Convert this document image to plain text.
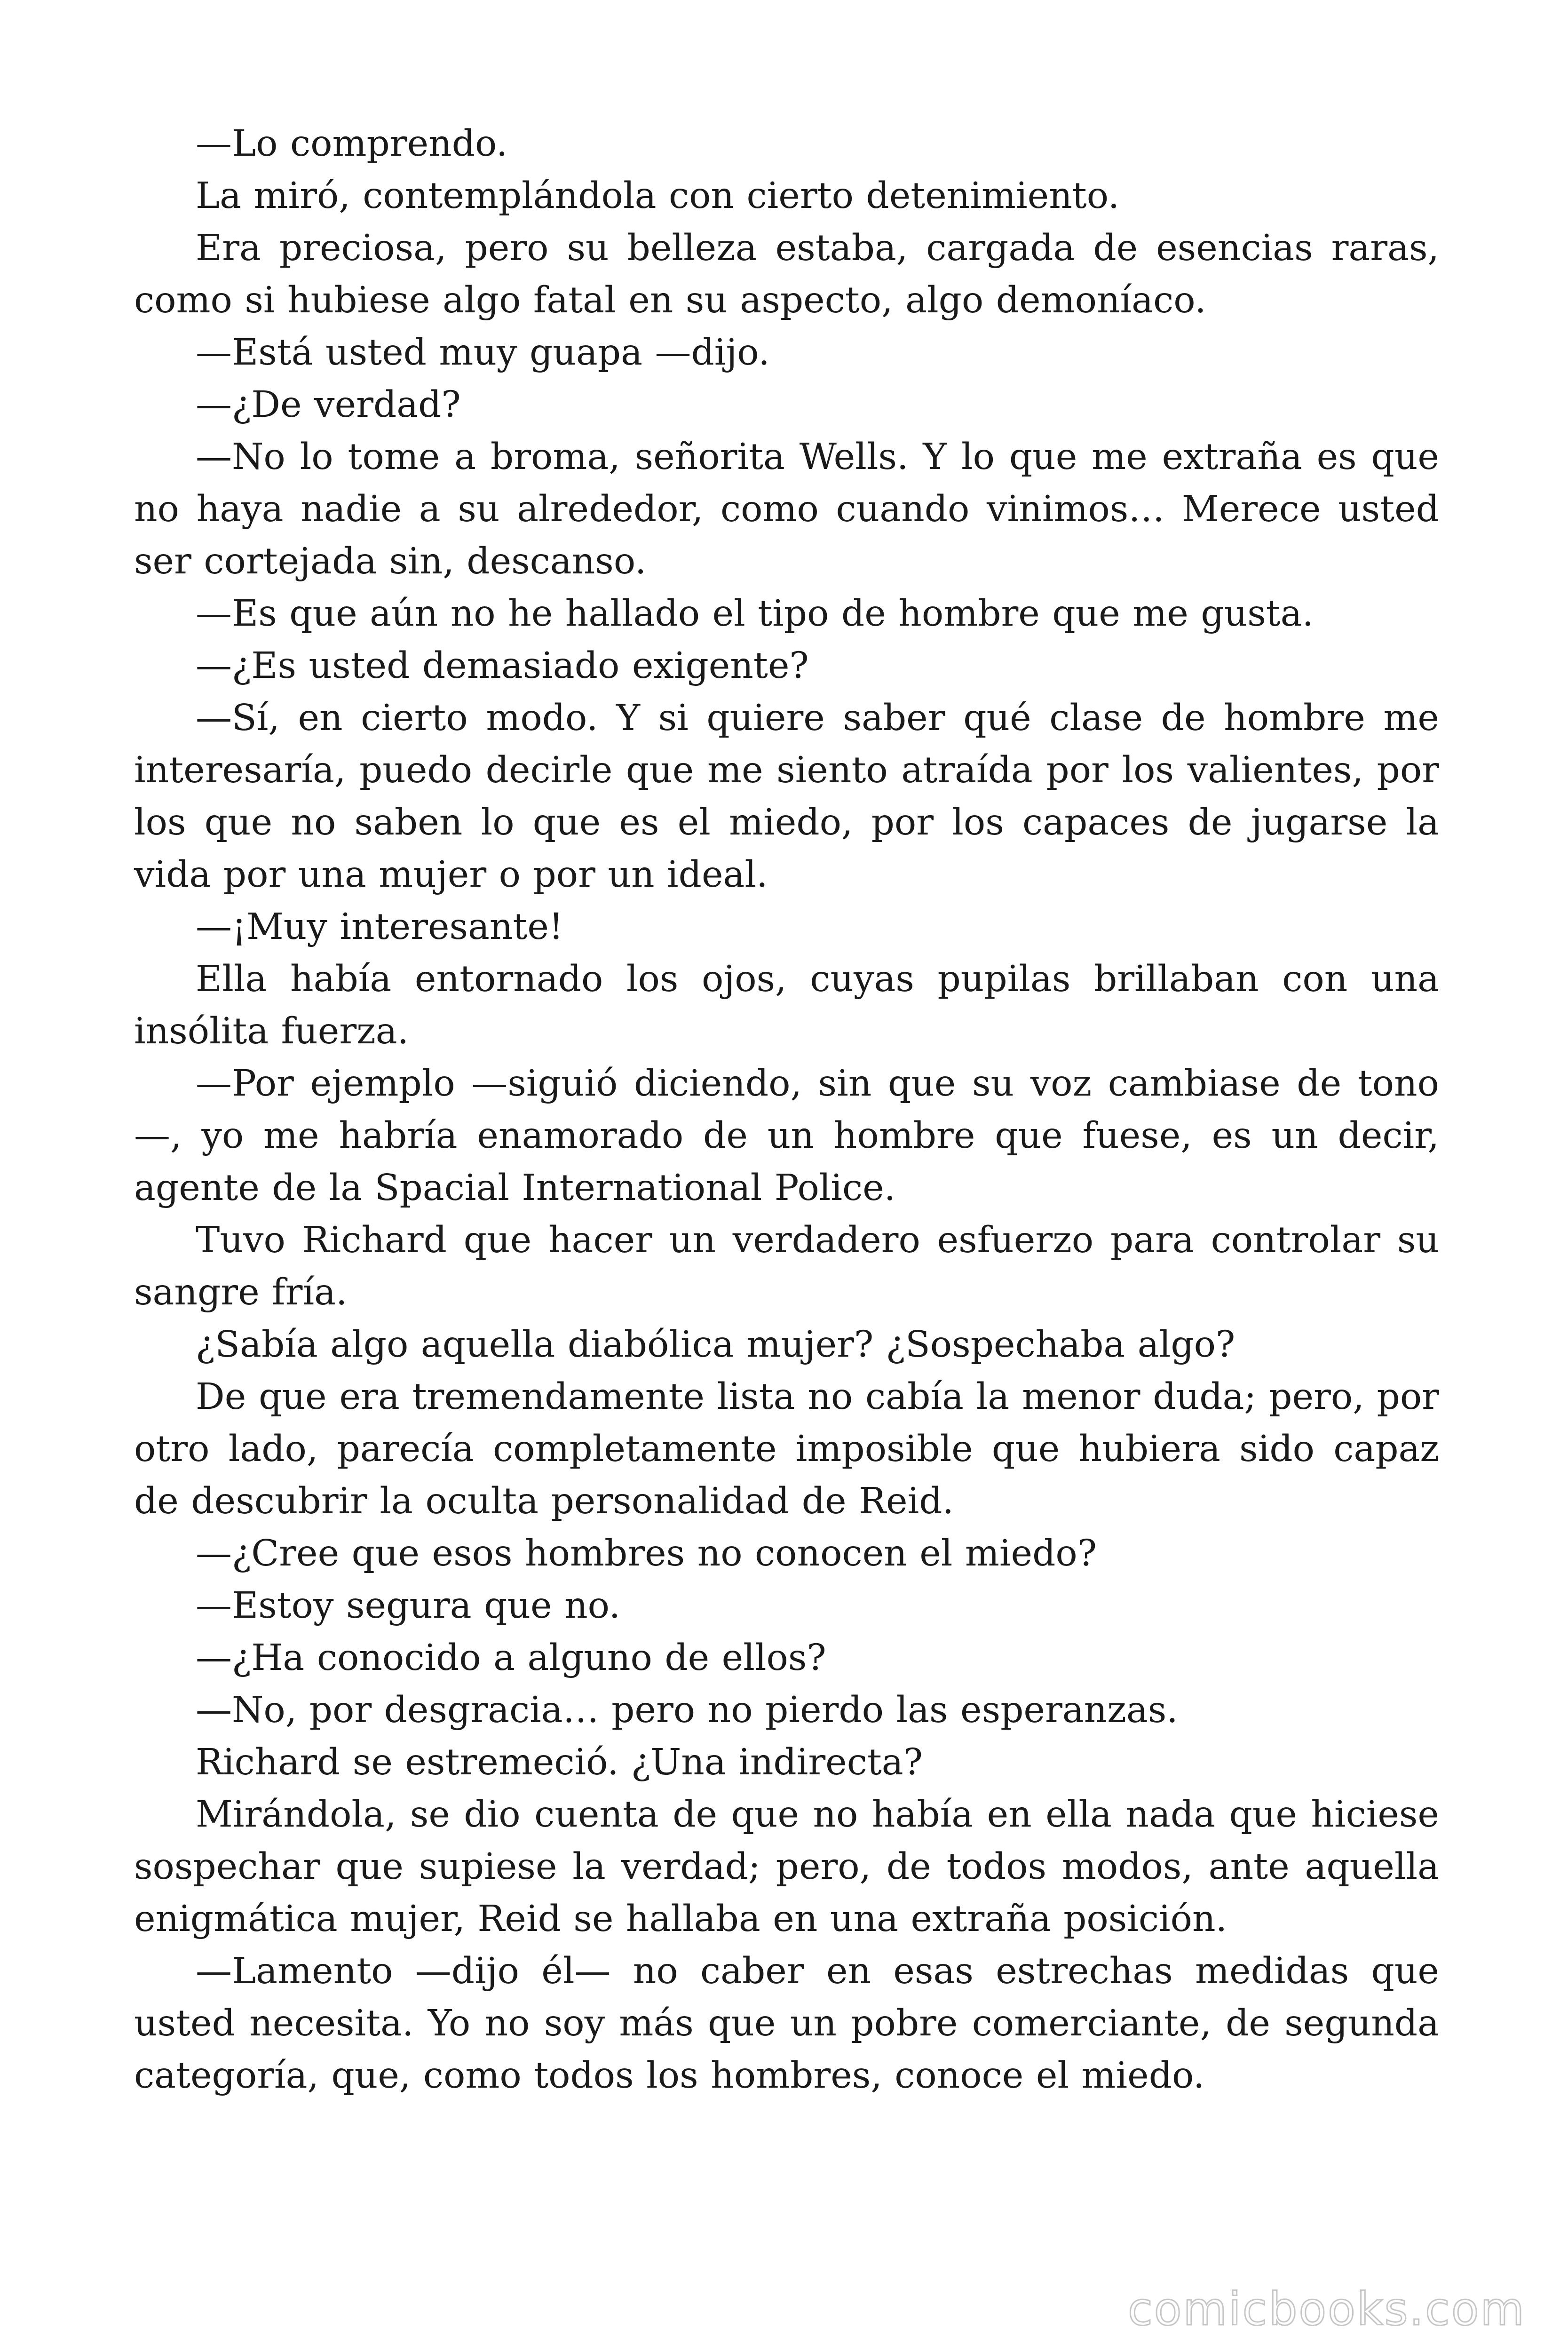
—Lo comprendo.

La miró, contemplándola con cierto detenimiento.

Era preciosa, pero su belleza estaba, cargada de esencias raras, como si hubiese algo fatal en su aspecto, algo demoníaco.

—Está usted muy guapa —dijo.

—¿De verdad?

—No lo tome a broma, señorita Wells. Y lo que me extraña es que no haya nadie a su alrededor, como cuando vinimos… Merece usted ser cortejada sin, descanso.

—Es que aún no he hallado el tipo de hombre que me gusta.

—¿Es usted demasiado exigente?

—Sí, en cierto modo. Y si quiere saber qué clase de hombre me interesaría, puedo decirle que me siento atraída por los valientes, por los que no saben lo que es el miedo, por los capaces de jugarse la vida por una mujer o por un ideal.

—¡Muy interesante!

Ella había entornado los ojos, cuyas pupilas brillaban con una insólita fuerza.

—Por ejemplo —siguió diciendo, sin que su voz cambiase de tono—, yo me habría enamorado de un hombre que fuese, es un decir, agente de la Spacial International Police.

Tuvo Richard que hacer un verdadero esfuerzo para controlar su sangre fría.

¿Sabía algo aquella diabólica mujer? ¿Sospechaba algo?

De que era tremendamente lista no cabía la menor duda; pero, por otro lado, parecía completamente imposible que hubiera sido capaz de descubrir la oculta personalidad de Reid.

—¿Cree que esos hombres no conocen el miedo?

—Estoy segura que no.

—¿Ha conocido a alguno de ellos?

—No, por desgracia… pero no pierdo las esperanzas.

Richard se estremeció. ¿Una indirecta?

Mirándola, se dio cuenta de que no había en ella nada que hiciese sospechar que supiese la verdad; pero, de todos modos, ante aquella enigmática mujer, Reid se hallaba en una extraña posición.

—Lamento —dijo él— no caber en esas estrechas medidas que usted necesita. Yo no soy más que un pobre comerciante, de segunda categoría, que, como todos los hombres, conoce el miedo.

comicbooks.com
